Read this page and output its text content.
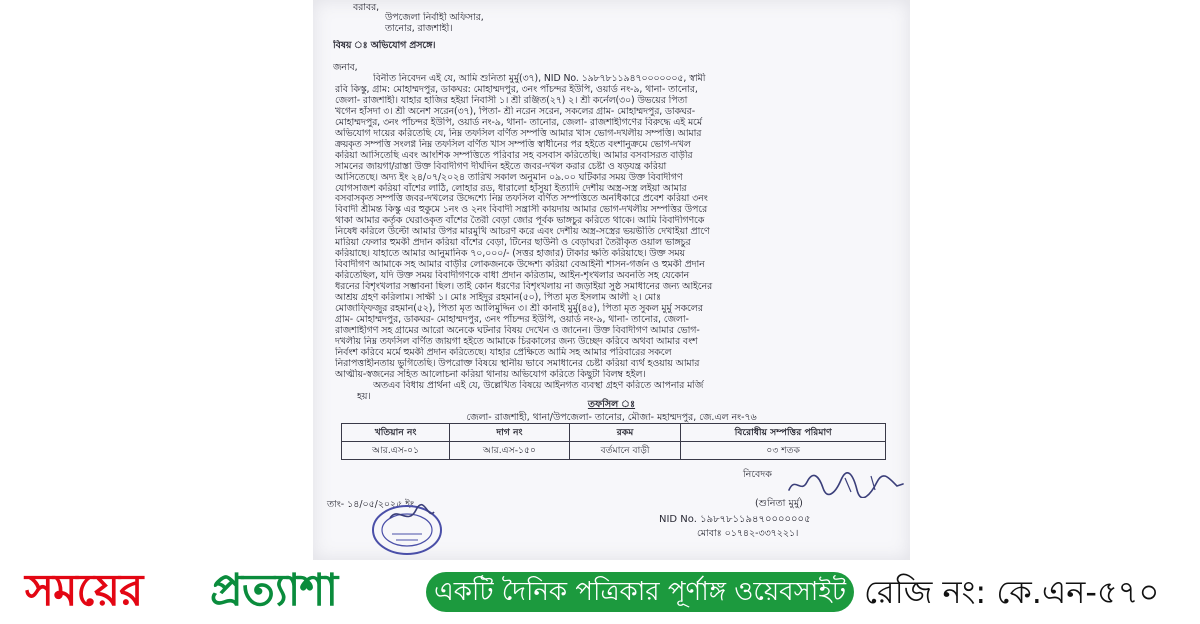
বরাবর,
উপজেলা নির্বাহী অফিসার,
তানোর, রাজশাহী।
বিষয় ঃ অভিযোগ প্রসঙ্গে।
জনাব,
বিনীত নিবেদন এই যে, আমি শুনিতা মুর্মু(৩৭), NID No. ১৯৮৭৮১১৯৪৭০০০০০০৫, স্বামী
রবি কিস্কু, গ্রাম: মোহাম্মদপুর, ডাকঘর: মোহাম্মদপুর, ৩নং পাঁচন্দর ইউপি, ওয়ার্ড নং-৯, থানা- তানোর,
জেলা- রাজশাহী। যাহার হাজির হইয়া নিবাসী ১। শ্রী রঞ্জিত(২৭) ২। শ্রী কর্নেল(৩০) উভয়ের পিতা
খগেন হাঁসদা ৩। শ্রী অনেশ সরেন(৩৭), পিতা- শ্রী নরেন সরেন, সকলের গ্রাম- মোহাম্মদপুর, ডাকঘর-
মোহাম্মদপুর, ৩নং পাঁচন্দর ইউপি, ওয়ার্ড নং-৯, থানা- তানোর, জেলা- রাজশাহীগণের বিরুদ্ধে এই মর্মে
অভিযোগ দায়ের করিতেছি যে, নিম্ন তফসিল বর্ণিত সম্পত্তি আমার খাস ভোগ-দখলীয় সম্পত্তি। আমার
ক্রয়কৃত সম্পত্তি সংলগ্ন নিম্ন তফসিল বর্ণিত খাস সম্পত্তি স্বাধীনের পর হইতে বংশানুক্রমে ভোগ-দখল
করিয়া আসিতেছি এবং আংশিক সম্পত্তিতে পরিবার সহ বসবাস করিতেছি। আমার বসবাসরত বাড়ীর
সামনের জায়গা/রাস্তা উক্ত বিবাদীগণ দীর্ঘদিন হইতে জবর-দখল করার চেষ্টা ও ষড়যন্ত্র করিয়া
আসিতেছে। অদ্য ইং ২৪/০৭/২০২৪ তারিখ সকাল অনুমান ০৯.০০ ঘটিকার সময় উক্ত বিবাদীগণ
যোগসাজশ করিয়া বাঁশের লাঠি, লোহার রড, ধারালো হাঁসুয়া ইত্যাদি দেশীয় অস্ত্র-সস্ত্র লইয়া আমার
বসবাসকৃত সম্পত্তি জবর-দখলের উদ্দেশ্যে নিম্ন তফসিল বর্ণিত সম্পত্তিতে অনধিকারে প্রবেশ করিয়া ৩নং
বিবাদী শ্রীমন্ত কিস্কু এর হুকুমে ১নং ও ২নং বিবাদী সন্ত্রাসী কায়দায় আমার ভোগ-দখলীয় সম্পত্তির উপরে
থাকা আমার কর্তৃক ঘেরাওকৃত বাঁশের তৈরী বেড়া জোর পূর্বক ভাঙ্গচুর করিতে থাকে। আমি বিবাদীগণকে
নিষেধ করিলে উল্টো আমার উপর মারমুখি আচরণ করে এবং দেশীয় অস্ত্র-সস্ত্রের ভয়ভীতি দেখাইয়া প্রাণে
মারিয়া ফেলার হুমকী প্রদান করিয়া বাঁশের বেড়া, টিনের ছাউনী ও বেড়াঘরা তৈরীকৃত ওয়াল ভাঙ্গচুর
করিয়াছে। যাহাতে আমার আনুমানিক ৭০,০০০/- (সত্তর হাজার) টাকার ক্ষতি করিয়াছে। উক্ত সময়
বিবাদীগণ আমাকে সহ আমার বাড়ীর লোকজনকে উদ্দেশ্য করিয়া বেআইনী শাসন-গর্জন ও হুমকী প্রদান
করিতেছিল, যদি উক্ত সময় বিবাদীগণকে বাধা প্রদান করিতাম, আইন-শৃংখলার অবনতি সহ যেকোন
ধরনের বিশৃংখলার সম্ভাবনা ছিল। তাই কোন ধরণের বিশৃংখলায় না জড়াইয়া সুষ্ঠ সমাধানের জন্য আইনের
আশ্রয় গ্রহণ করিলাম। সাক্ষী ১। মোঃ সাইদুর রহমান(৫০), পিতা মৃত ইসলাম আলী ২। মোঃ
মোজাফ্ফিজুর রহমান(৫২), পিতা মৃত আলিমুদ্দিন ৩। শ্রী কানাই মুর্মু(৪৫), পিতা মৃত সুকল মুর্মু সকলের
গ্রাম- মোহাম্মদপুর, ডাকঘর- মোহাম্মদপুর, ৩নং পাঁচন্দর ইউপি, ওয়ার্ড নং-৯, থানা- তানোর, জেলা-
রাজশাহীগণ সহ গ্রামের আরো অনেকে ঘটনার বিষয় দেখেন ও জানেন। উক্ত বিবাদীগণ আমার ভোগ-
দখলীয় নিম্ন তফসিল বর্ণিত জায়গা হইতে আমাকে চিরকালের জন্য উচ্ছেদ করিবে অথবা আমার বংশ
নির্বংশ করিবে মর্মে হুমকী প্রদান করিতেছে। যাহার প্রেক্ষিতে আমি সহ আমার পরিবারের সকলে
নিরাপত্তাহীনতায় ভুগিতেছি। উপরোক্ত বিষয়ে স্থানীয় ভাবে সমাধানের চেষ্টা করিয়া ব্যর্থ হওয়ায় আমার
আত্মীয়-স্বজনের সহিত আলোচনা করিয়া থানায় অভিযোগ করিতে কিছুটা বিলম্ব হইল।
অতএব বিধায় প্রার্থনা এই যে, উল্লেখিত বিষয়ে আইনগত ব্যবস্থা গ্রহণ করিতে আপনার মর্জি
হয়।
তফসিল ঃ
জেলা- রাজশাহী, থানা/উপজেলা- তানোর, মৌজা- মহাম্মদপুর, জে.এল নং-৭৬
খতিয়ান নং	দাগ নং	রকম	বিরোধীয় সম্পত্তির পরিমাণ
আর.এস-০১	আর.এস-১৫০	বর্তমানে বাড়ী	০৩ শতক
নিবেদক
(শুনিতা মুর্মু)
NID No. ১৯৮৭৮১১৯৪৭০০০০০০৫
মোবাঃ ০১৭৪২-৩৩৭২২১।
তাং- ১৪/০৫/২০২৫ ইং
সময়ের প্রত্যাশা	একটি দৈনিক পত্রিকার পূর্ণাঙ্গ ওয়েবসাইট রেজি নং: কে.এন-৫৭০
